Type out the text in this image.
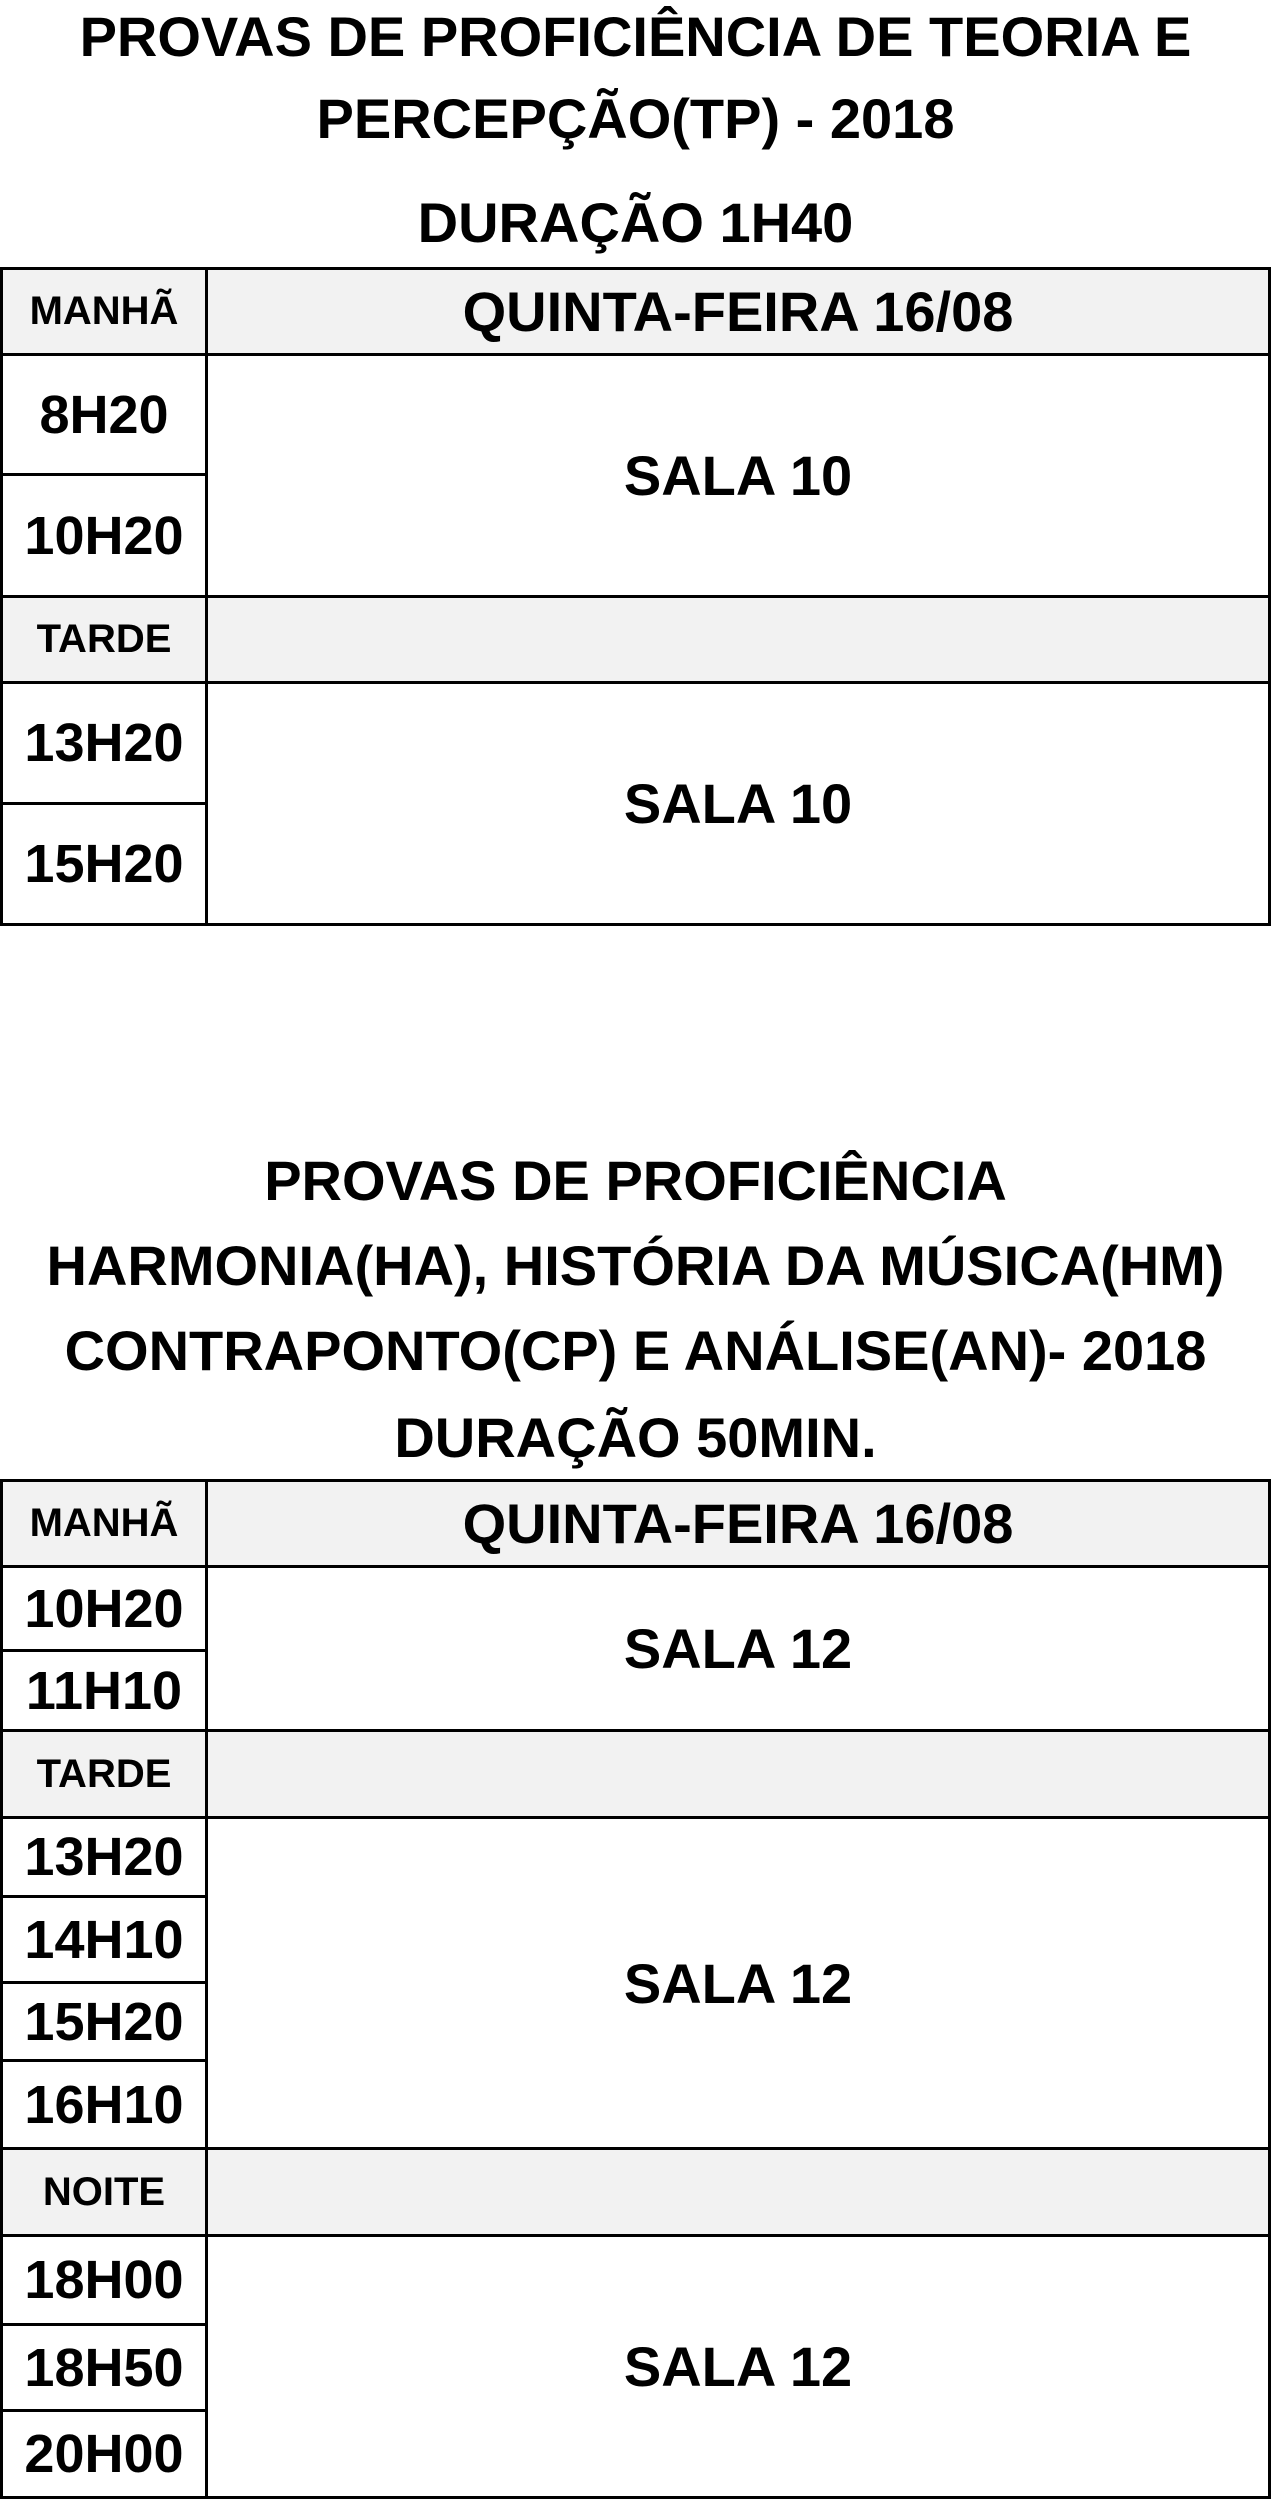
PROVAS DE PROFICIÊNCIA DE TEORIA E
PERCEPÇÃO(TP) - 2018
DURAÇÃO 1H40
MANHÃ	QUINTA-FEIRA 16/08
8H20
10H20
SALA 10
TARDE
13H20
15H20
SALA 10
PROVAS DE PROFICIÊNCIA
HARMONIA(HA), HISTÓRIA DA MÚSICA(HM)
CONTRAPONTO(CP) E ANÁLISE(AN)- 2018
DURAÇÃO 50MIN.
MANHÃ	QUINTA-FEIRA 16/08
10H20
11H10
SALA 12
TARDE
13H20
14H10
15H20
16H10
SALA 12
NOITE
18H00
18H50
20H00
SALA 12
